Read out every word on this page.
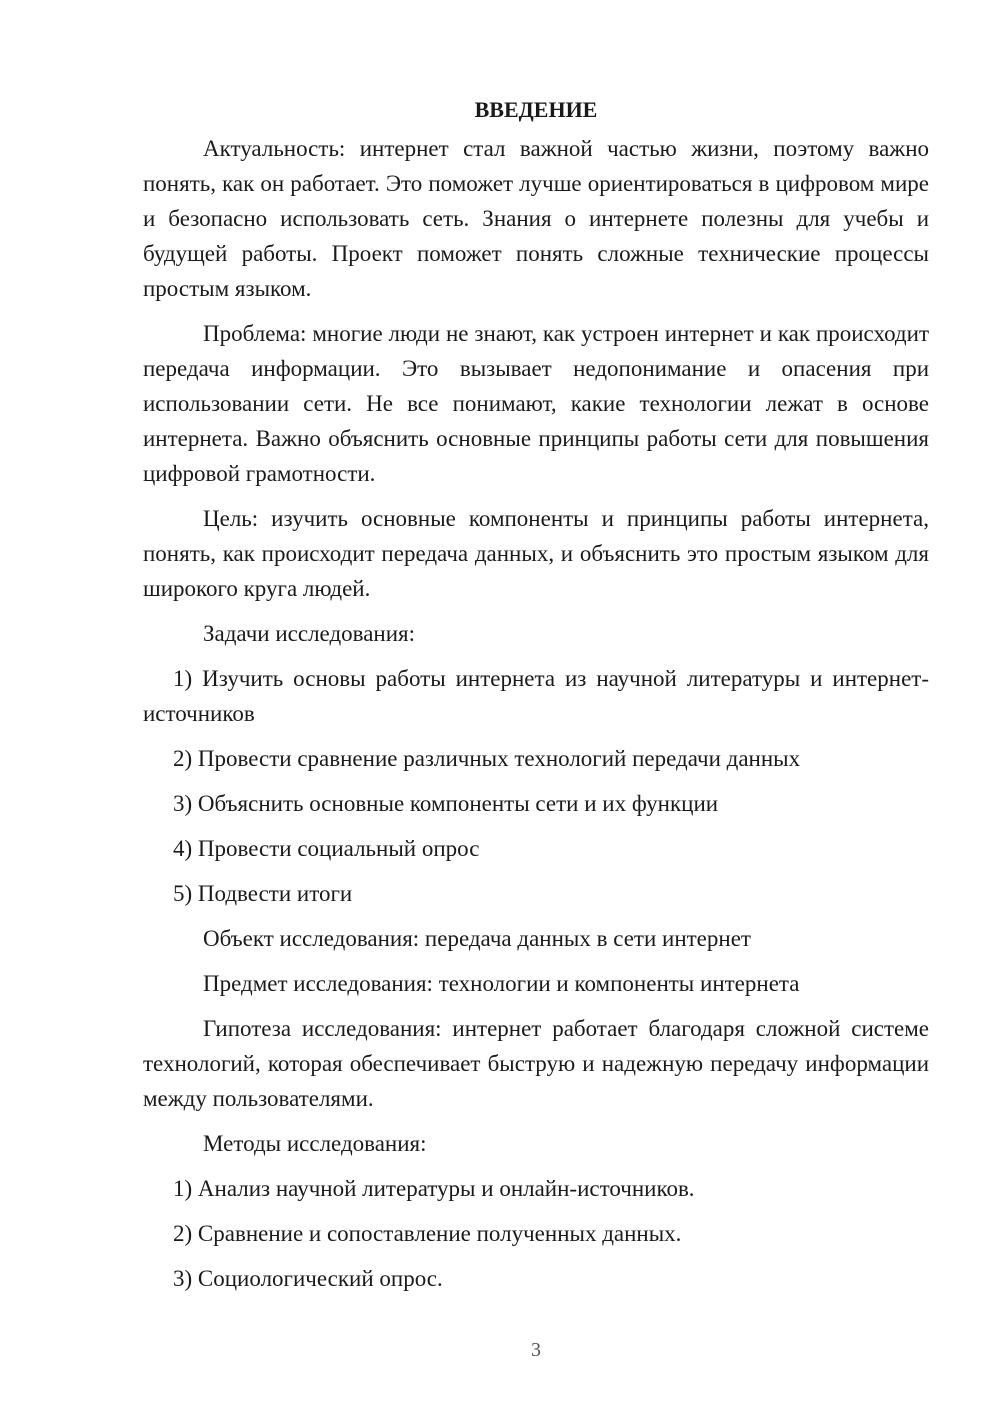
ВВЕДЕНИЕ

Актуальность: интернет стал важной частью жизни, поэтому важно понять, как он работает. Это поможет лучше ориентироваться в цифровом мире и безопасно использовать сеть. Знания о интернете полезны для учебы и будущей работы. Проект поможет понять сложные технические процессы простым языком.

Проблема: многие люди не знают, как устроен интернет и как происходит передача информации. Это вызывает недопонимание и опасения при использовании сети. Не все понимают, какие технологии лежат в основе интернета. Важно объяснить основные принципы работы сети для повышения цифровой грамотности.

Цель: изучить основные компоненты и принципы работы интернета, понять, как происходит передача данных, и объяснить это простым языком для широкого круга людей.

Задачи исследования:

1) Изучить основы работы интернета из научной литературы и интернет-источников

2) Провести сравнение различных технологий передачи данных

3) Объяснить основные компоненты сети и их функции

4) Провести социальный опрос

5) Подвести итоги

Объект исследования: передача данных в сети интернет

Предмет исследования: технологии и компоненты интернета

Гипотеза исследования: интернет работает благодаря сложной системе технологий, которая обеспечивает быструю и надежную передачу информации между пользователями.

Методы исследования:

1) Анализ научной литературы и онлайн-источников.

2) Сравнение и сопоставление полученных данных.

3) Социологический опрос.

3
